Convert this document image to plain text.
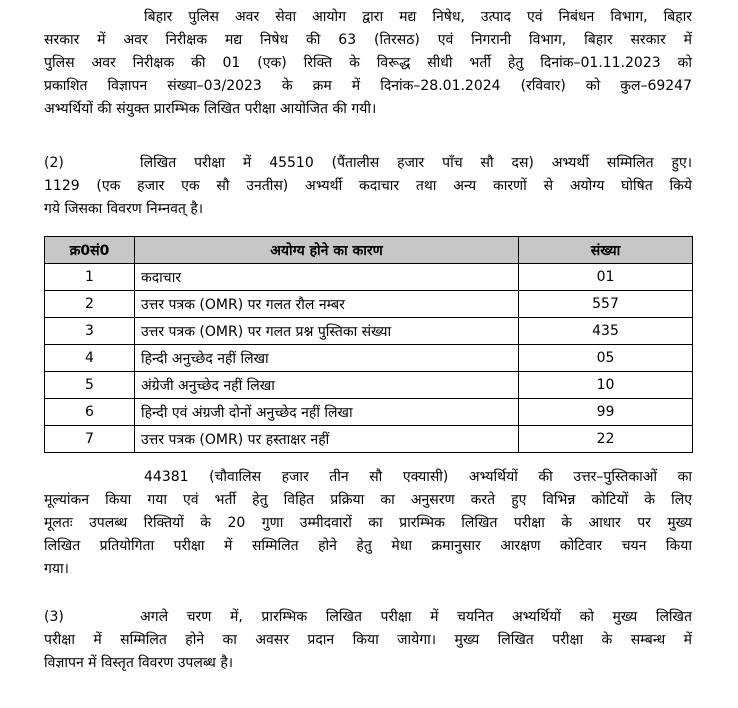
बिहार पुलिस अवर सेवा आयोग द्वारा मद्य निषेध, उत्पाद एवं निबंधन विभाग, बिहार
सरकार में अवर निरीक्षक मद्य निषेध की 63 (तिरसठ) एवं निगरानी विभाग, बिहार सरकार में
पुलिस अवर निरीक्षक की 01 (एक) रिक्ति के विरूद्ध सीधी भर्ती हेतु दिनांक–01.11.2023 को
प्रकाशित विज्ञापन संख्या–03/2023 के क्रम में दिनांक–28.01.2024 (रविवार) को कुल–69247
अभ्यर्थियों की संयुक्त प्रारम्भिक लिखित परीक्षा आयोजित की गयी।
(2)	लिखित परीक्षा में 45510 (पैंतालीस हजार पाँच सौ दस) अभ्यर्थी सम्मिलित हुए।
1129 (एक हजार एक सौ उनतीस) अभ्यर्थी कदाचार तथा अन्य कारणों से अयोग्य घोषित किये
गये जिसका विवरण निम्नवत् है।
क्र0सं0	अयोग्य होने का कारण	संख्या
1	कदाचार	01
2	उत्तर पत्रक (OMR) पर गलत रौल नम्बर	557
3	उत्तर पत्रक (OMR) पर गलत प्रश्न पुस्तिका संख्या	435
4	हिन्दी अनुच्छेद नहीं लिखा	05
5	अंग्रेजी अनुच्छेद नहीं लिखा	10
6	हिन्दी एवं अंग्रजी दोनों अनुच्छेद नहीं लिखा	99
7	उत्तर पत्रक (OMR) पर हस्ताक्षर नहीं	22
44381 (चौवालिस हजार तीन सौ एक्यासी) अभ्यर्थियों की उत्तर–पुस्तिकाओं का
मूल्यांकन किया गया एवं भर्ती हेतु विहित प्रक्रिया का अनुसरण करते हुए विभिन्न कोटियों के लिए
मूलतः उपलब्ध रिक्तियों के 20 गुणा उम्मीदवारों का प्रारम्भिक लिखित परीक्षा के आधार पर मुख्य
लिखित प्रतियोगिता परीक्षा में सम्मिलित होने हेतु मेधा क्रमानुसार आरक्षण कोटिवार चयन किया
गया।
(3)	अगले चरण में, प्रारम्भिक लिखित परीक्षा में चयनित अभ्यर्थियों को मुख्य लिखित
परीक्षा में सम्मिलित होने का अवसर प्रदान किया जायेगा। मुख्य लिखित परीक्षा के सम्बन्ध में
विज्ञापन में विस्तृत विवरण उपलब्ध है।
